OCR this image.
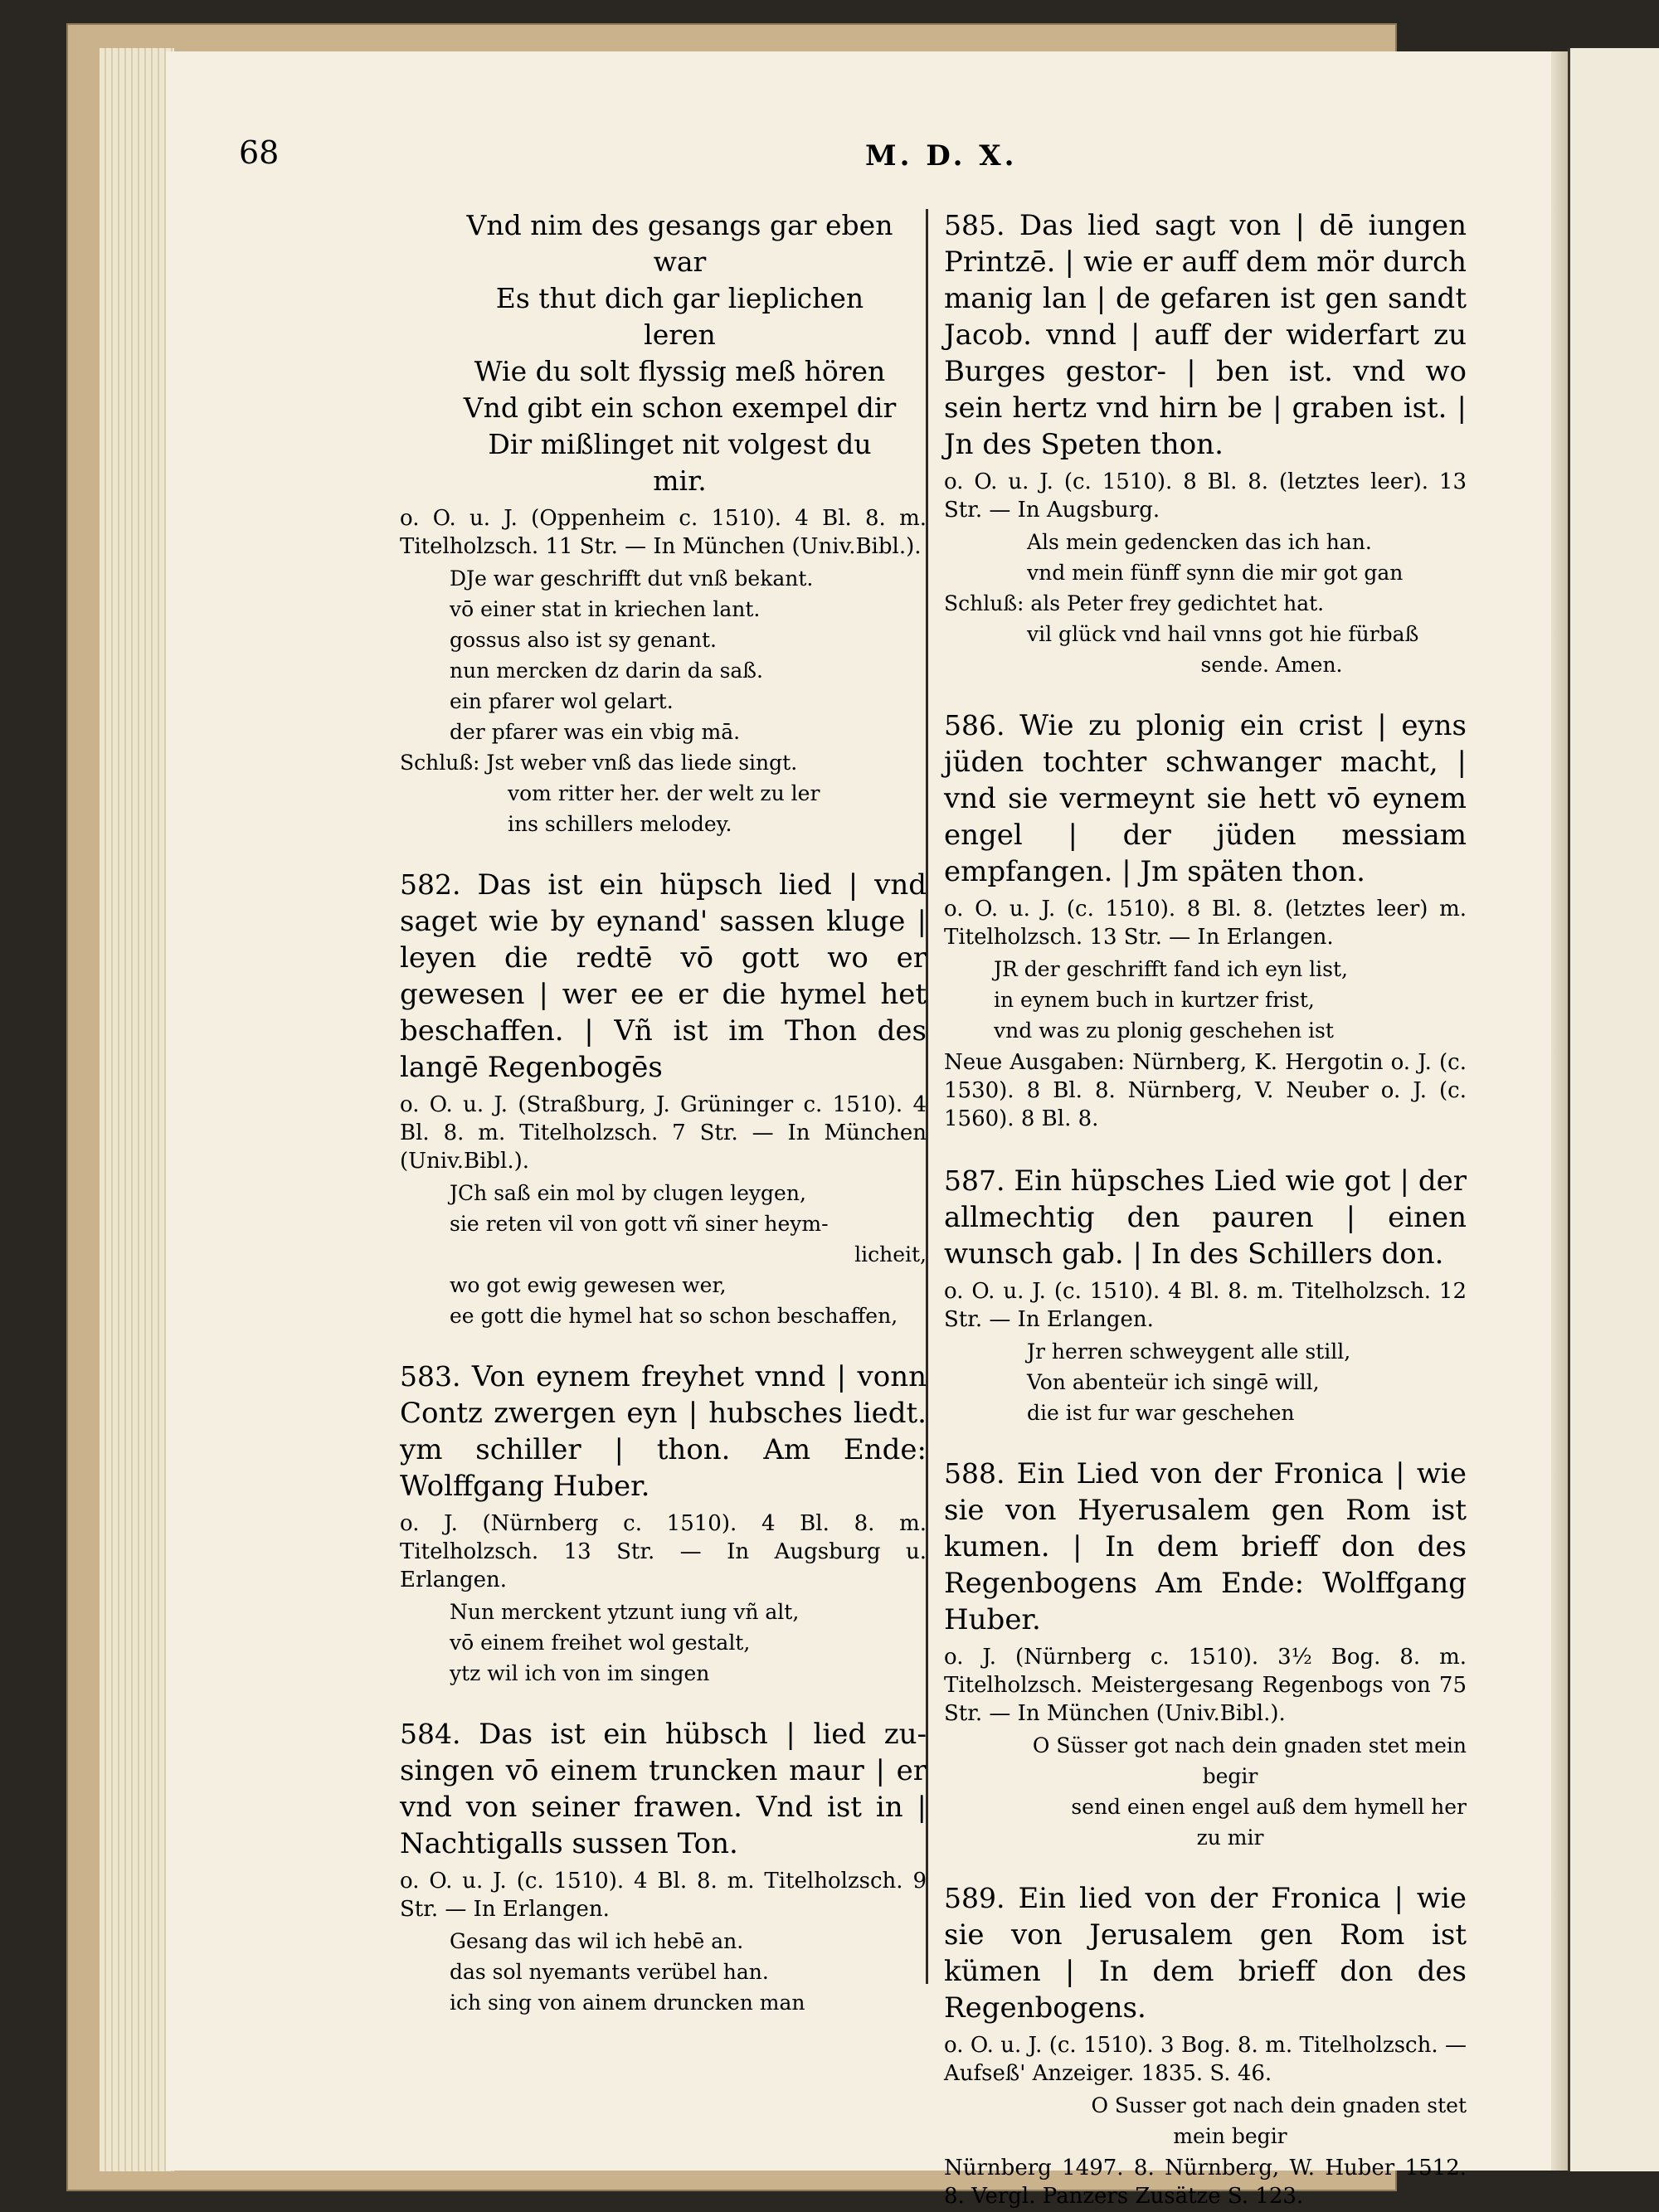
68	M. D. X.

Vnd nim des gesangs gar eben

war

Es thut dich gar lieplichen

leren

Wie du solt flyssig meß hören

Vnd gibt ein schon exempel dir

Dir mißlinget nit volgest du

mir.

o. O. u. J. (Oppenheim c. 1510). 4 Bl. 8. m. Titelholzsch. 11 Str. — In München (Univ.Bibl.).

DJe war geschrifft dut vnß bekant.

vō einer stat in kriechen lant.

gossus also ist sy genant.

nun mercken dz darin da saß.

ein pfarer wol gelart.

der pfarer was ein vbig mā.

Schluß: Jst weber vnß das liede singt.

vom ritter her. der welt zu ler

ins schillers melodey.

582. Das ist ein hüpsch lied | vnd saget wie by eynand' sassen kluge | leyen die redtē vō gott wo er gewesen | wer ee er die hymel het beschaffen. | Vñ ist im Thon des langē Regenbogēs

o. O. u. J. (Straßburg, J. Grüninger c. 1510). 4 Bl. 8. m. Titelholzsch. 7 Str. — In München (Univ.Bibl.).

JCh saß ein mol by clugen leygen,

sie reten vil von gott vñ siner heym-

licheit,

wo got ewig gewesen wer,

ee gott die hymel hat so schon beschaffen,

583. Von eynem freyhet vnnd | vonn Contz zwergen eyn | hubsches liedt. ym schiller | thon. Am Ende: Wolffgang Huber.

o. J. (Nürnberg c. 1510). 4 Bl. 8. m. Titelholzsch. 13 Str. — In Augsburg u. Erlangen.

Nun merckent ytzunt iung vñ alt,

vō einem freihet wol gestalt,

ytz wil ich von im singen

584. Das ist ein hübsch | lied zu- singen vō einem truncken maur | er vnd von seiner frawen. Vnd ist in | Nachtigalls sussen Ton.

o. O. u. J. (c. 1510). 4 Bl. 8. m. Titelholzsch. 9 Str. — In Erlangen.

Gesang das wil ich hebē an.

das sol nyemants verübel han.

ich sing von ainem druncken man

585. Das lied sagt von | dē iungen Printzē. | wie er auff dem mör durch manig lan | de gefaren ist gen sandt Jacob. vnnd | auff der widerfart zu Burges gestor- | ben ist. vnd wo sein hertz vnd hirn be | graben ist. | Jn des Speten thon.

o. O. u. J. (c. 1510). 8 Bl. 8. (letztes leer). 13 Str. — In Augsburg.

Als mein gedencken das ich han.

vnd mein fünff synn die mir got gan

Schluß: als Peter frey gedichtet hat.

vil glück vnd hail vnns got hie fürbaß

sende. Amen.

586. Wie zu plonig ein crist | eyns jüden tochter schwanger macht, | vnd sie vermeynt sie hett vō eynem engel | der jüden messiam empfangen. | Jm späten thon.

o. O. u. J. (c. 1510). 8 Bl. 8. (letztes leer) m. Titelholzsch. 13 Str. — In Erlangen.

JR der geschrifft fand ich eyn list,

in eynem buch in kurtzer frist,

vnd was zu plonig geschehen ist

Neue Ausgaben: Nürnberg, K. Hergotin o. J. (c. 1530). 8 Bl. 8. Nürnberg, V. Neuber o. J. (c. 1560). 8 Bl. 8.

587. Ein hüpsches Lied wie got | der allmechtig den pauren | einen wunsch gab. | In des Schillers don.

o. O. u. J. (c. 1510). 4 Bl. 8. m. Titelholzsch. 12 Str. — In Erlangen.

Jr herren schweygent alle still,

Von abenteür ich singē will,

die ist fur war geschehen

588. Ein Lied von der Fronica | wie sie von Hyerusalem gen Rom ist kumen. | In dem brieff don des Regenbogens Am Ende: Wolffgang Huber.

o. J. (Nürnberg c. 1510). 3½ Bog. 8. m. Titelholzsch. Meistergesang Regenbogs von 75 Str. — In München (Univ.Bibl.).

O Süsser got nach dein gnaden stet mein

begir

send einen engel auß dem hymell her

zu mir

589. Ein lied von der Fronica | wie sie von Jerusalem gen Rom ist kümen | In dem brieff don des Regenbogens.

o. O. u. J. (c. 1510). 3 Bog. 8. m. Titelholzsch. — Aufseß' Anzeiger. 1835. S. 46.

O Susser got nach dein gnaden stet

mein begir

Nürnberg 1497. 8. Nürnberg, W. Huber 1512. 8. Vergl. Panzers Zusätze S. 123.
